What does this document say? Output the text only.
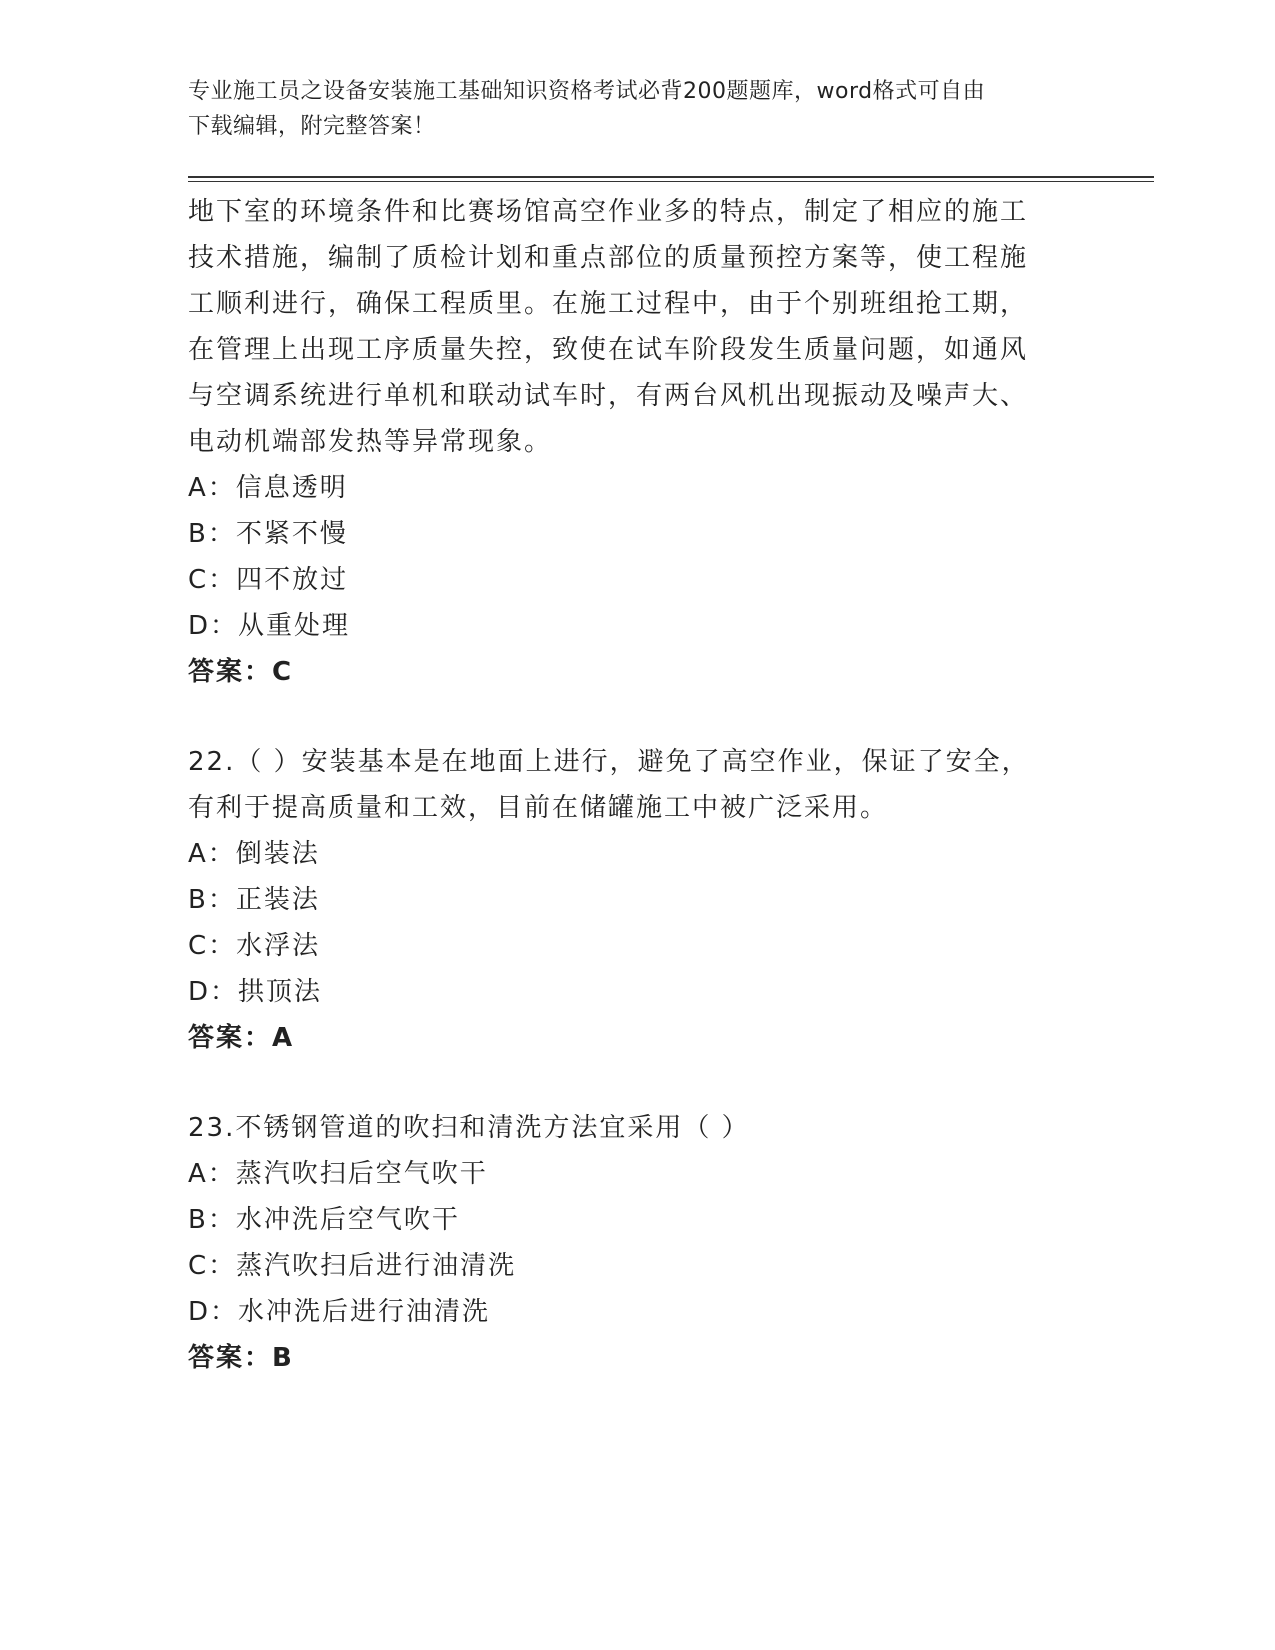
专业施工员之设备安装施工基础知识资格考试必背200题题库，word格式可自由
下载编辑，附完整答案！
地下室的环境条件和比赛场馆高空作业多的特点，制定了相应的施工
技术措施，编制了质检计划和重点部位的质量预控方案等，使工程施
工顺利进行，确保工程质里。在施工过程中，由于个别班组抢工期，
在管理上出现工序质量失控，致使在试车阶段发生质量问题，如通风
与空调系统进行单机和联动试车时，有两台风机出现振动及噪声大、
电动机端部发热等异常现象。
A：信息透明
B：不紧不慢
C：四不放过
D：从重处理
答案：C
22.（ ）安装基本是在地面上进行，避免了高空作业，保证了安全，
有利于提高质量和工效，目前在储罐施工中被广泛采用。
A：倒装法
B：正装法
C：水浮法
D：拱顶法
答案：A
23.不锈钢管道的吹扫和清洗方法宜采用（ ）
A：蒸汽吹扫后空气吹干
B：水冲洗后空气吹干
C：蒸汽吹扫后进行油清洗
D：水冲洗后进行油清洗
答案：B
